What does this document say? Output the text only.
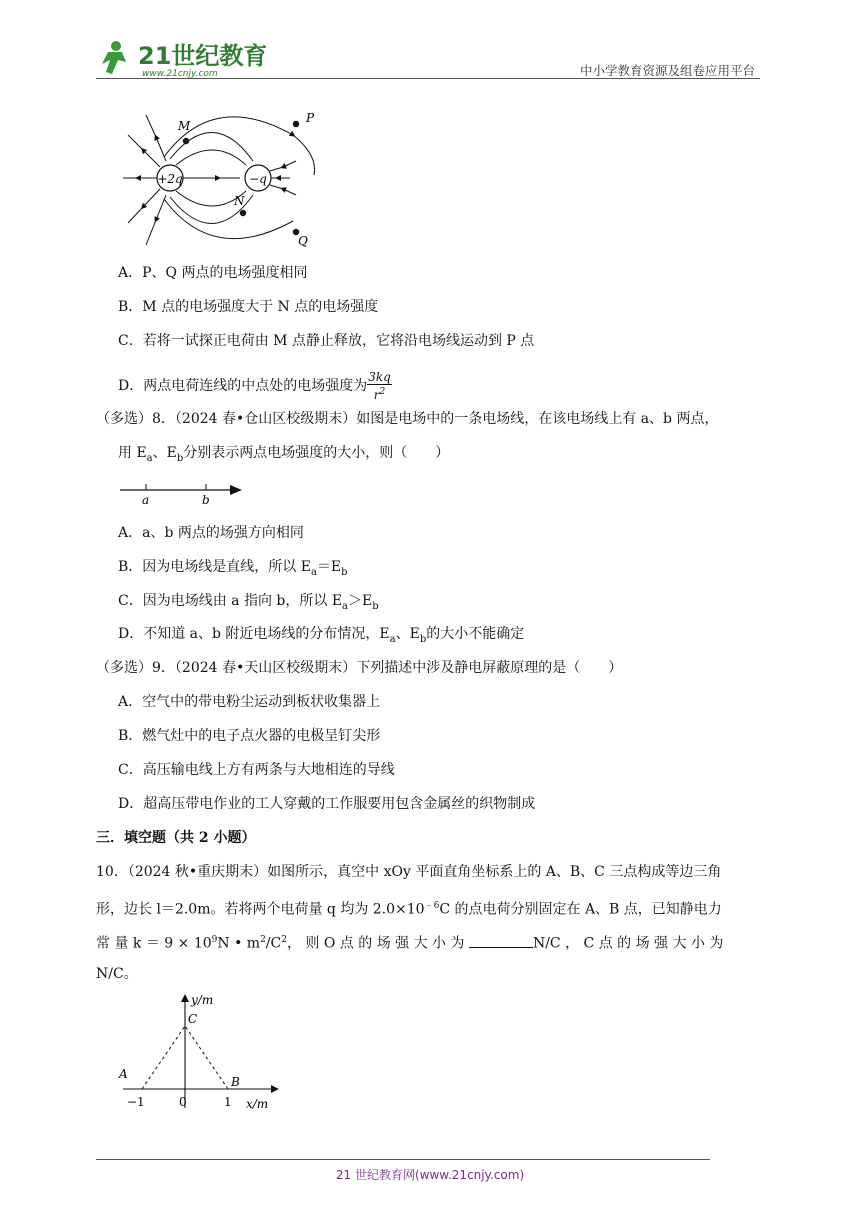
21世纪教育
www.21cnjy.com	中小学教育资源及组卷应用平台
+2q	−q
M
N
P
Q
A．P、Q 两点的电场强度相同
B．M 点的电场强度大于 N 点的电场强度
C．若将一试探正电荷由 M 点静止释放，它将沿电场线运动到 P 点
D．两点电荷连线的中点处的电场强度为 $\frac{3kq}{r^2}$
（多选）8．（2024 春•仓山区校级期末）如图是电场中的一条电场线，在该电场线上有 a、b 两点，
用 $E_a$、$E_b$分别表示两点电场强度的大小，则（　　）
a	b
A．a、b 两点的场强方向相同
B．因为电场线是直线，所以 $E_a=E_b$
C．因为电场线由 a 指向 b，所以 $E_a>E_b$
D．不知道 a、b 附近电场线的分布情况，$E_a$、$E_b$的大小不能确定
（多选）9．（2024 春•天山区校级期末）下列描述中涉及静电屏蔽原理的是（　　）
A．空气中的带电粉尘运动到板状收集器上
B．燃气灶中的电子点火器的电极呈钉尖形
C．高压输电线上方有两条与大地相连的导线
D．超高压带电作业的工人穿戴的工作服要用包含金属丝的织物制成
三．填空题（共 2 小题）
10．（2024 秋•重庆期末）如图所示，真空中 xOy 平面直角坐标系上的 A、B、C 三点构成等边三角
形，边长 l＝2.0m。若将两个电荷量 q 均为 $2.0\times 10^{﹣6}C$ 的点电荷分别固定在 A、B 点，已知静电力
常 量 $k = 9 \times 10^9N$ • $m^2/C^2$， 则 O 点 的 场 强 大 小 为	N/C ， C 点 的 场 强 大 小 为
N/C。
y/m
x/m
C
A
B
−1	0	1
21 世纪教育网(www.21cnjy.com)
